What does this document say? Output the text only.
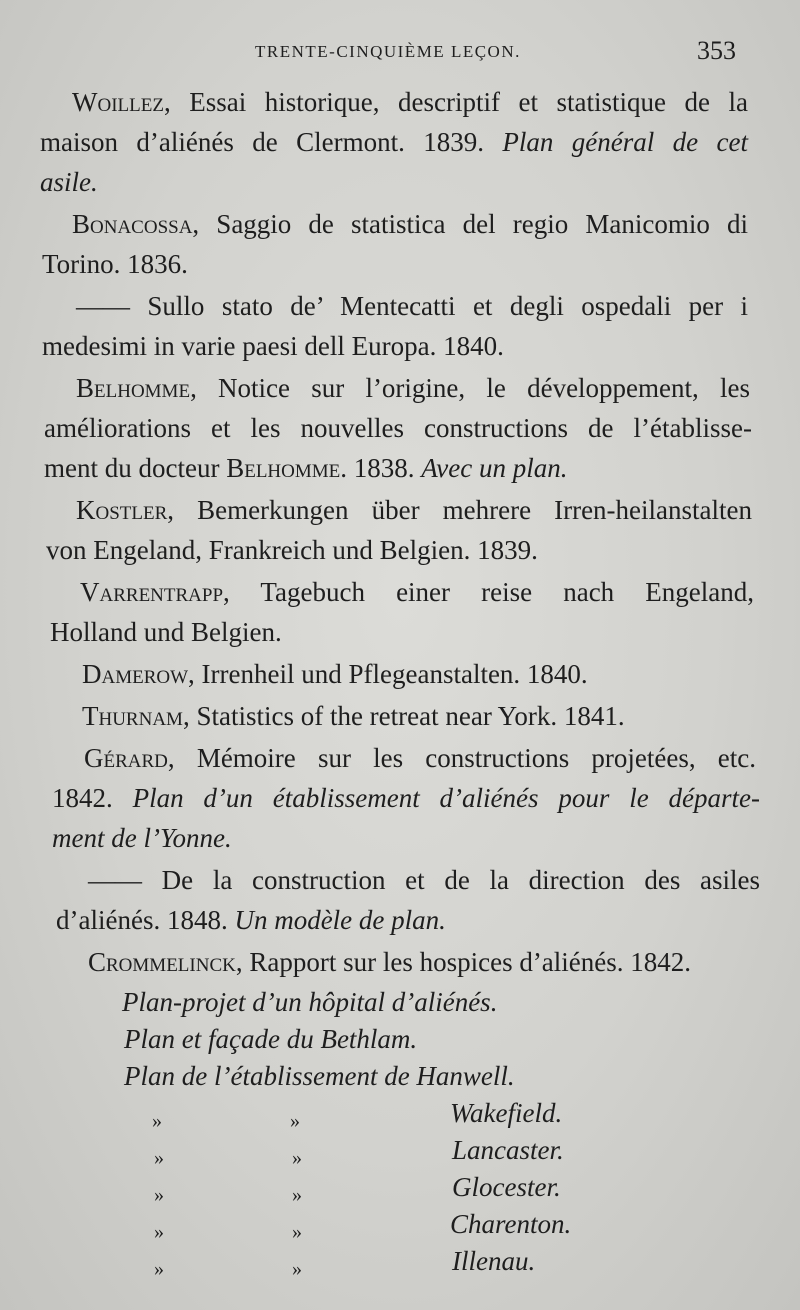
TRENTE-CINQUIÈME LEÇON.	353
Woillez, Essai historique, descriptif et statistique de la
maison d’aliénés de Clermont. 1839. Plan général de cet
asile.
Bonacossa, Saggio de statistica del regio Manicomio di
Torino. 1836.
—— Sullo stato de’ Mentecatti et degli ospedali per i
medesimi in varie paesi dell Europa. 1840.
Belhomme, Notice sur l’origine, le développement, les
améliorations et les nouvelles constructions de l’établisse-
ment du docteur Belhomme. 1838. Avec un plan.
Kostler, Bemerkungen über mehrere Irren-heilanstalten
von Engeland, Frankreich und Belgien. 1839.
Varrentrapp, Tagebuch einer reise nach Engeland,
Holland und Belgien.
Damerow, Irrenheil und Pflegeanstalten. 1840.
Thurnam, Statistics of the retreat near York. 1841.
Gérard, Mémoire sur les constructions projetées, etc.
1842. Plan d’un établissement d’aliénés pour le départe-
ment de l’Yonne.
—— De la construction et de la direction des asiles
d’aliénés. 1848. Un modèle de plan.
Crommelinck, Rapport sur les hospices d’aliénés. 1842.
Plan-projet d’un hôpital d’aliénés.
Plan et façade du Bethlam.
Plan de l’établissement de Hanwell.
»	»	Wakefield.
»	»	Lancaster.
»	»	Glocester.
»	»	Charenton.
»	»	Illenau.
